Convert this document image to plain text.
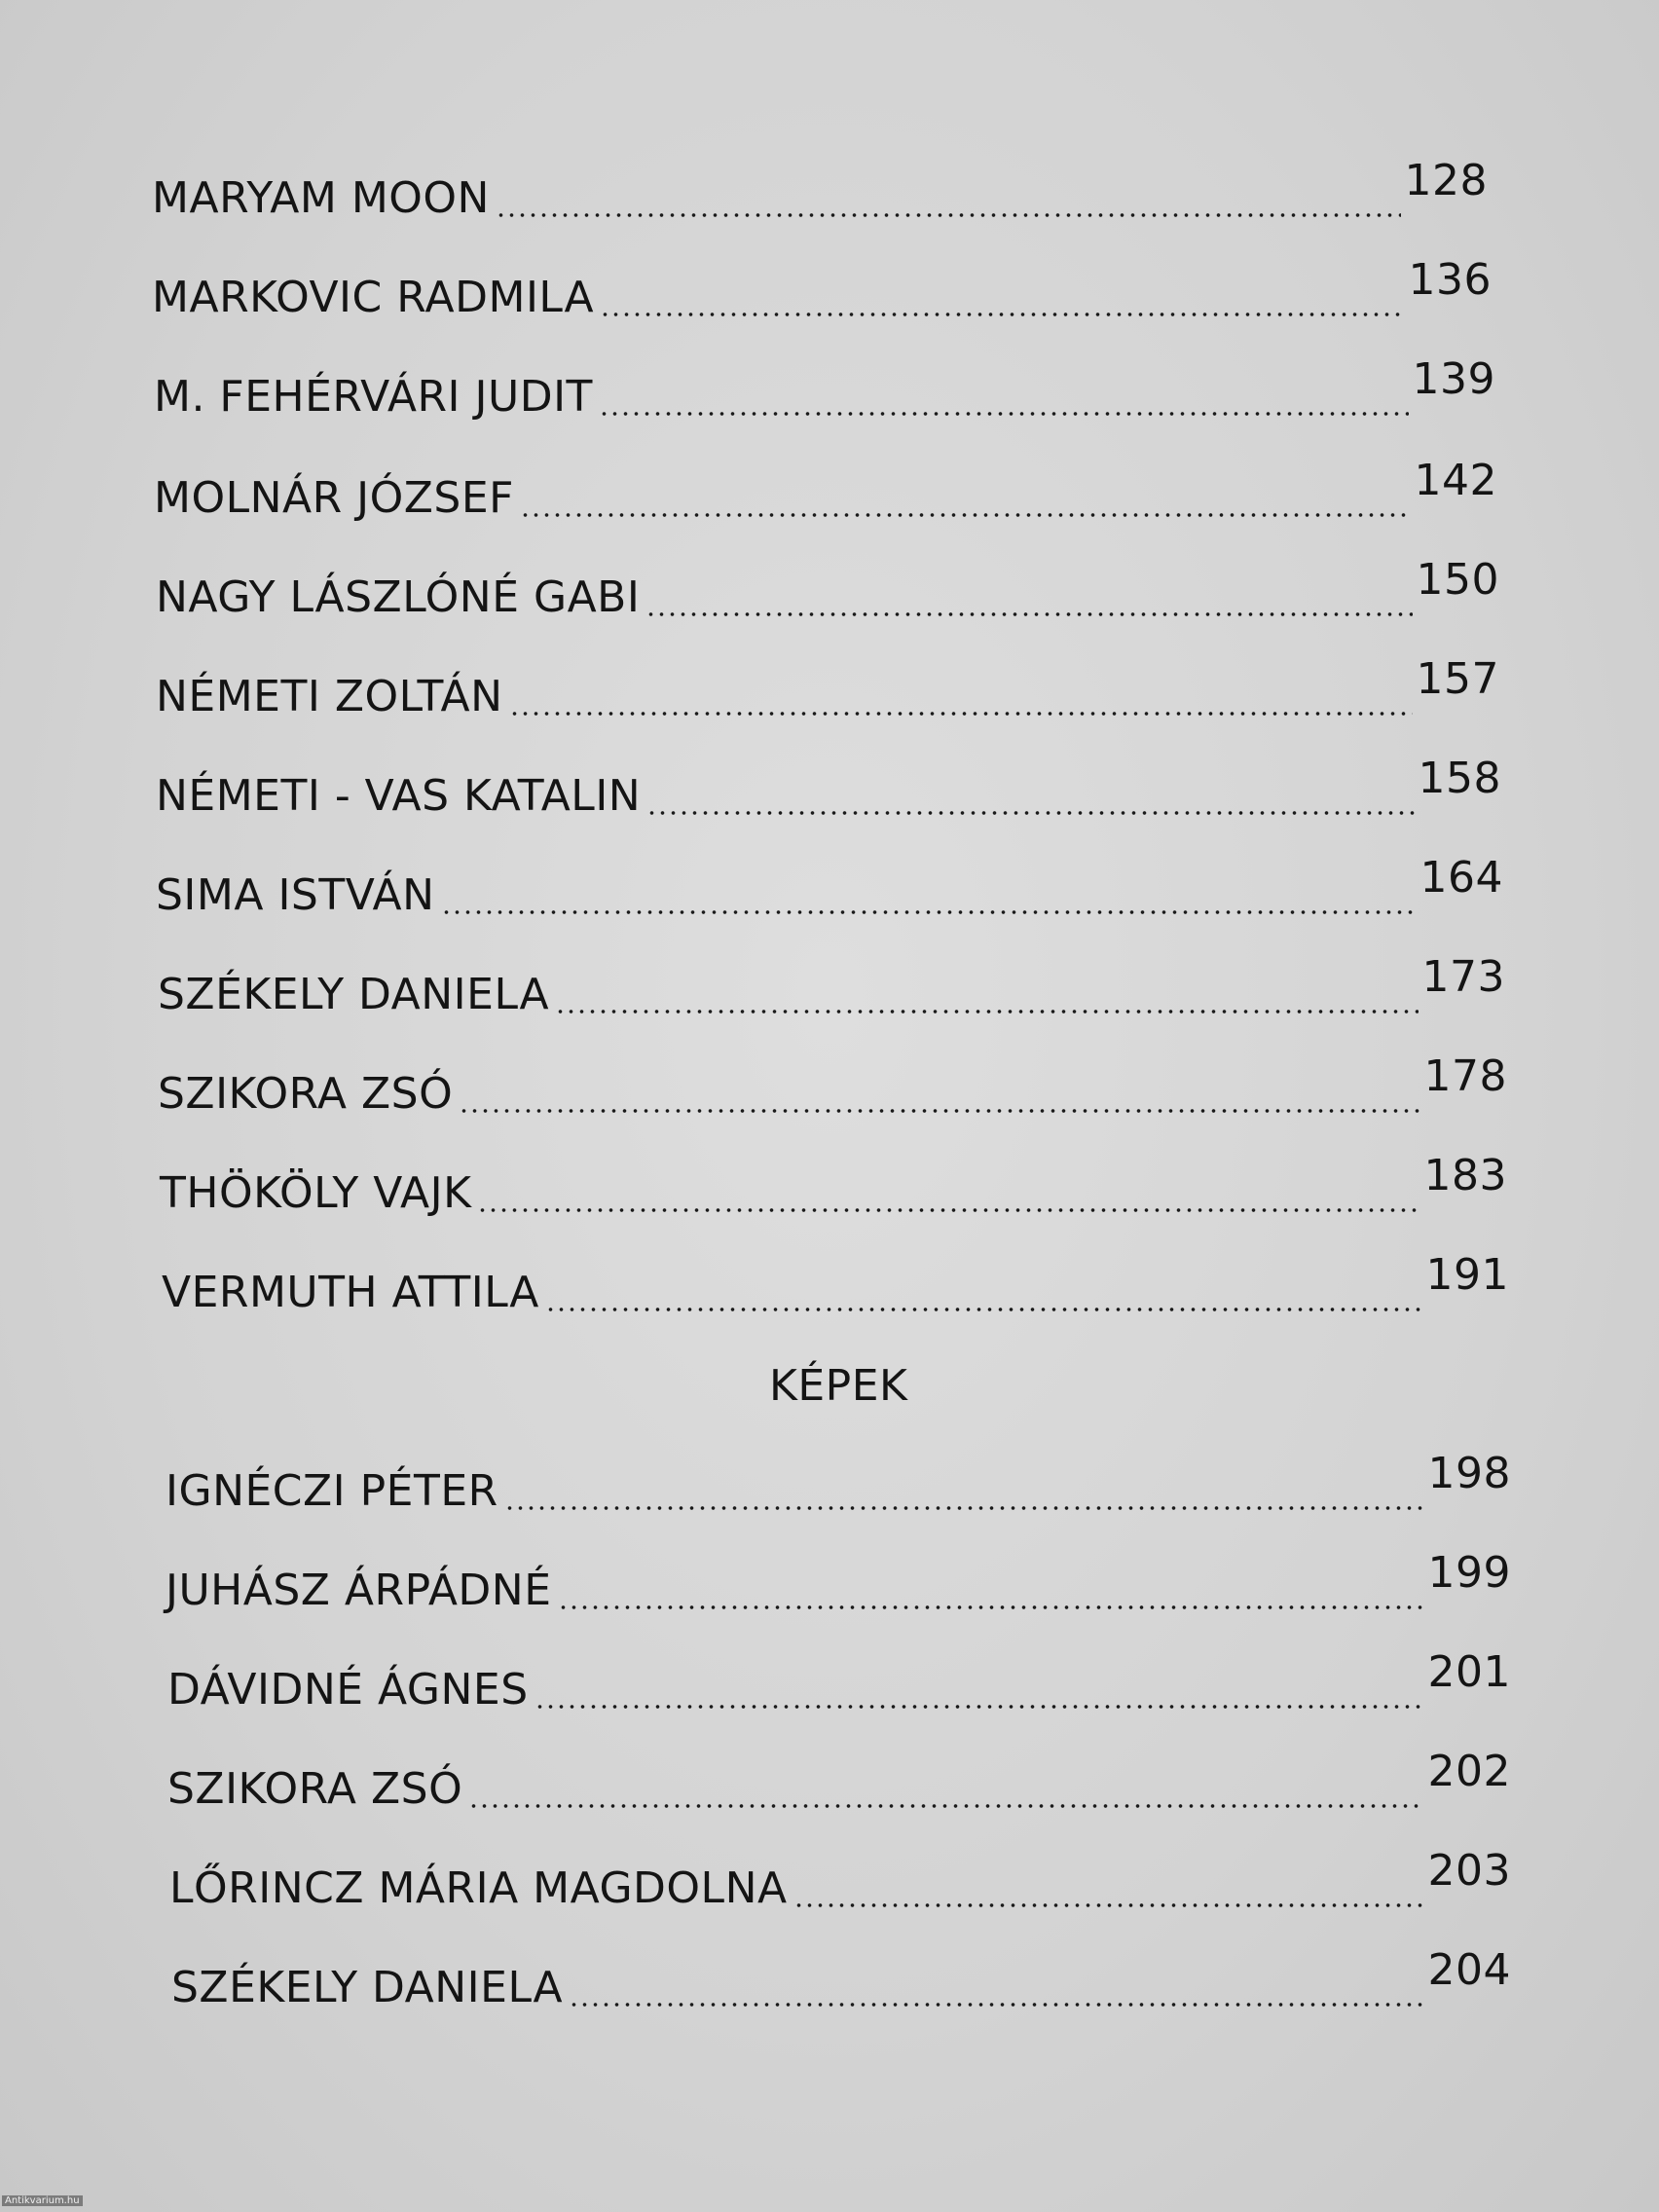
MARYAM MOON	128
MARKOVIC RADMILA	136
M. FEHÉRVÁRI JUDIT	139
MOLNÁR JÓZSEF	142
NAGY LÁSZLÓNÉ GABI	150
NÉMETI ZOLTÁN	157
NÉMETI - VAS KATALIN	158
SIMA ISTVÁN	164
SZÉKELY DANIELA	173
SZIKORA ZSÓ	178
THÖKÖLY VAJK	183
VERMUTH ATTILA	191
KÉPEK
IGNÉCZI PÉTER	198
JUHÁSZ ÁRPÁDNÉ	199
DÁVIDNÉ ÁGNES	201
SZIKORA ZSÓ	202
LŐRINCZ MÁRIA MAGDOLNA	203
SZÉKELY DANIELA	204
Antikvarium.hu
